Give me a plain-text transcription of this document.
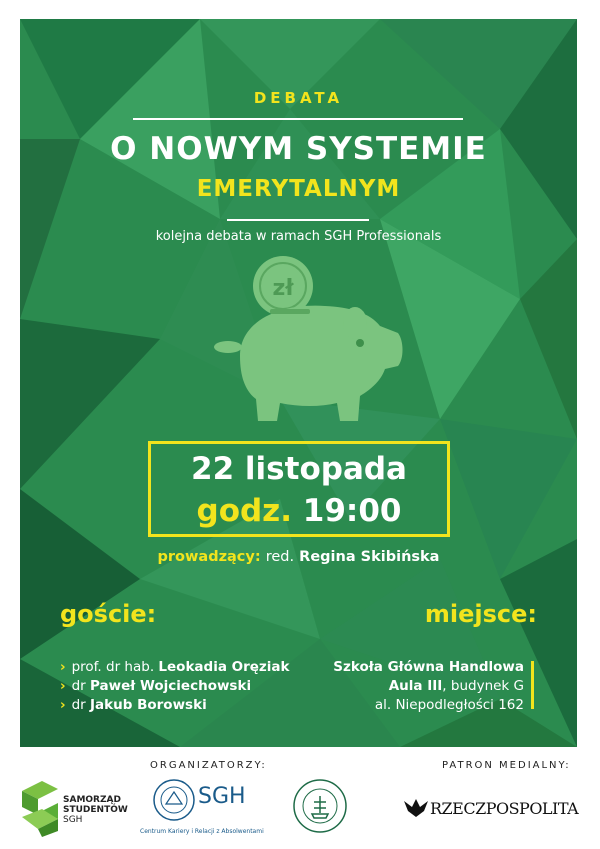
DEBATA
O NOWYM SYSTEMIE
EMERYTALNYM
kolejna debata w ramach SGH Professionals
zł
22 listopada
godz. 19:00
prowadzący: red. Regina Skibińska
goście:	miejsce:
› prof. dr hab. Leokadia Oręziak
› dr Paweł Wojciechowski
› dr Jakub Borowski
Szkoła Główna Handlowa
Aula III, budynek G
al. Niepodległości 162
ORGANIZATORZY:	PATRON MEDIALNY:
SAMORZĄD
STUDENTÓW
SGH
SGH
Centrum Kariery i Relacji z Absolwentami
RZECZPOSPOLITA
